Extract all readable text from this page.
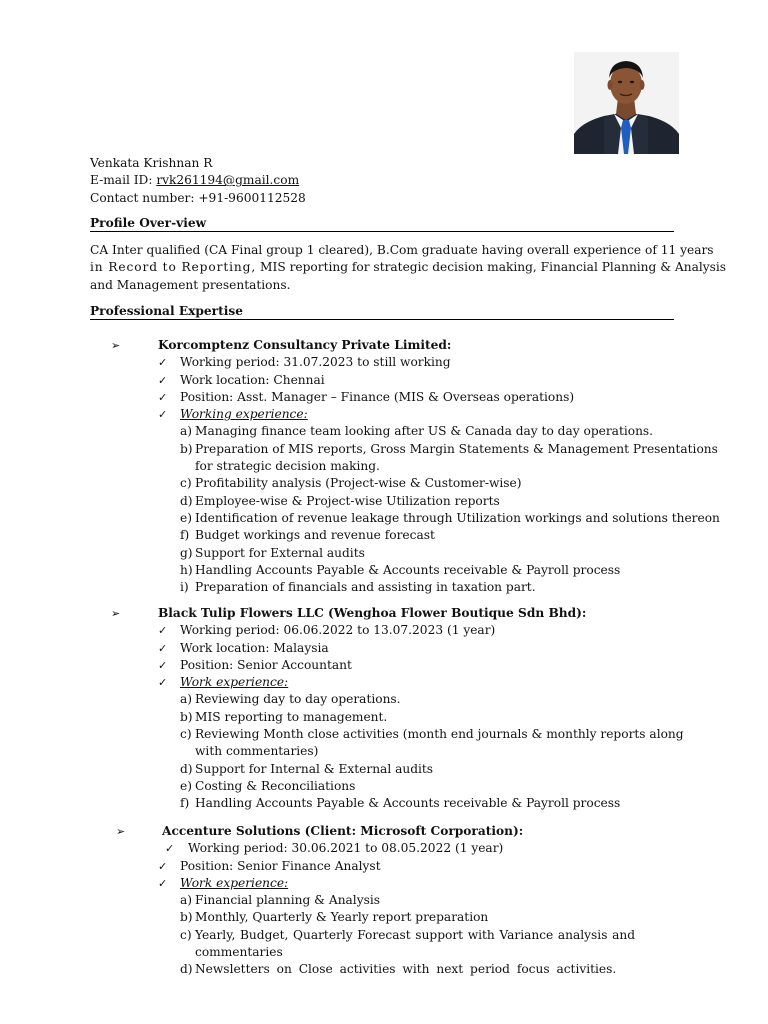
Venkata Krishnan R
E-mail ID: rvk261194@gmail.com
Contact number: +91-9600112528
Profile Over-view
CA Inter qualified (CA Final group 1 cleared), B.Com graduate having overall experience of 11 years
in Record to Reporting, MIS reporting for strategic decision making, Financial Planning & Analysis
and Management presentations.
Professional Expertise
➢	Korcomptenz Consultancy Private Limited:
✓ Working period: 31.07.2023 to still working
✓ Work location: Chennai
✓ Position: Asst. Manager – Finance (MIS & Overseas operations)
✓ Working experience:
a) Managing finance team looking after US & Canada day to day operations.
b) Preparation of MIS reports, Gross Margin Statements & Management Presentations for strategic decision making.
c) Profitability analysis (Project-wise & Customer-wise)
d) Employee-wise & Project-wise Utilization reports
e) Identification of revenue leakage through Utilization workings and solutions thereon
f) Budget workings and revenue forecast
g) Support for External audits
h) Handling Accounts Payable & Accounts receivable & Payroll process
i) Preparation of financials and assisting in taxation part.
➢	Black Tulip Flowers LLC (Wenghoa Flower Boutique Sdn Bhd):
✓ Working period: 06.06.2022 to 13.07.2023 (1 year)
✓ Work location: Malaysia
✓ Position: Senior Accountant
✓ Work experience:
a) Reviewing day to day operations.
b) MIS reporting to management.
c) Reviewing Month close activities (month end journals & monthly reports along with commentaries)
d) Support for Internal & External audits
e) Costing & Reconciliations
f) Handling Accounts Payable & Accounts receivable & Payroll process
➢	Accenture Solutions (Client: Microsoft Corporation):
✓ Working period: 30.06.2021 to 08.05.2022 (1 year)
✓ Position: Senior Finance Analyst
✓ Work experience:
a) Financial planning & Analysis
b) Monthly, Quarterly & Yearly report preparation
c) Yearly, Budget, Quarterly Forecast support with Variance analysis and commentaries
d) Newsletters on Close activities with next period focus activities.
